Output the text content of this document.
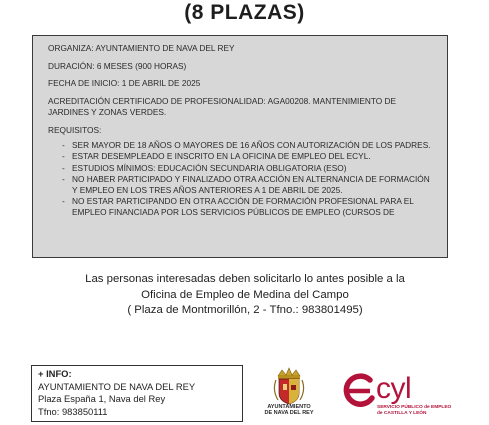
(8 PLAZAS)

ORGANIZA: AYUNTAMIENTO DE NAVA DEL REY

DURACIÓN: 6 MESES (900 HORAS)

FECHA DE INICIO: 1 DE ABRIL DE 2025

ACREDITACIÓN CERTIFICADO DE PROFESIONALIDAD: AGA00208. MANTENIMIENTO DE JARDINES Y ZONAS VERDES.

REQUISITOS:

- SER MAYOR DE 18 AÑOS O MAYORES DE 16 AÑOS CON AUTORIZACIÓN DE LOS PADRES.
- ESTAR DESEMPLEADO E INSCRITO EN LA OFICINA DE EMPLEO DEL ECYL.
- ESTUDIOS MÍNIMOS: EDUCACIÓN SECUNDARIA OBLIGATORIA (ESO)
- NO HABER PARTICIPADO Y FINALIZADO OTRA ACCIÓN EN ALTERNANCIA DE FORMACIÓN Y EMPLEO EN LOS TRES AÑOS ANTERIORES A 1 DE ABRIL DE 2025.
- NO ESTAR PARTICIPANDO EN OTRA ACCIÓN DE FORMACIÓN PROFESIONAL PARA EL EMPLEO FINANCIADA POR LOS SERVICIOS PÚBLICOS DE EMPLEO (CURSOS DE
Las personas interesadas deben solicitarlo lo antes posible a la
Oficina de Empleo de Medina del Campo
( Plaza de Montmorillón, 2 - Tfno.: 983801495)
+ INFO:
AYUNTAMIENTO DE NAVA DEL REY
Plaza España 1, Nava del Rey
Tfno: 983850111	AYUNTAMIENTO
DE NAVA DEL REY
cyl
SERVICIO PÚBLICO de EMPLEO
de CASTILLA Y LEÓN
